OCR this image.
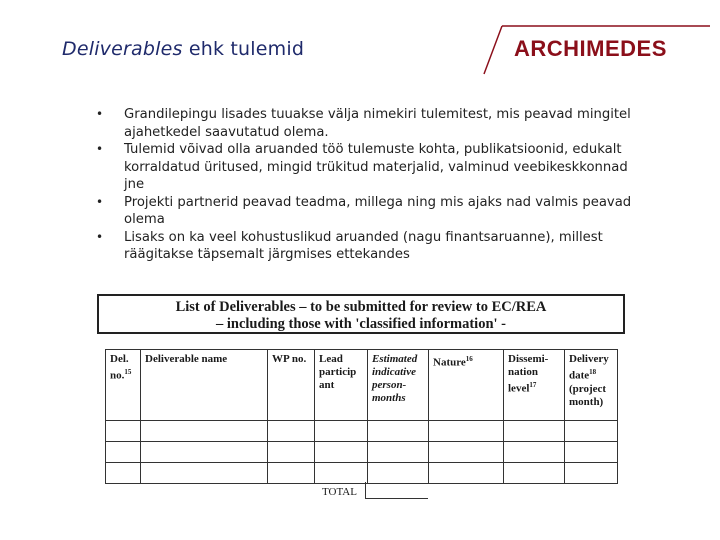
Deliverables ehk tulemid	ARCHIMEDES
• Grandilepingu lisades tuuakse välja nimekiri tulemitest, mis peavad mingitel ajahetkedel saavutatud olema.
• Tulemid võivad olla aruanded töö tulemuste kohta, publikatsioonid, edukalt korraldatud üritused, mingid trükitud materjalid, valminud veebikeskkonnad jne
• Projekti partnerid peavad teadma, millega ning mis ajaks nad valmis peavad olema
• Lisaks on ka veel kohustuslikud aruanded (nagu finantsaruanne), millest räägitakse täpsemalt järgmises ettekandes
List of Deliverables – to be submitted for review to EC/REA
– including those with 'classified information' -
Del. no.$^{15}$	Deliverable name	WP no.	Lead particip ant	Estimated indicative person-months	Nature$^{16}$	Dissemi-nation level$^{17}$	Delivery date$^{18}$
(project month)

TOTAL
